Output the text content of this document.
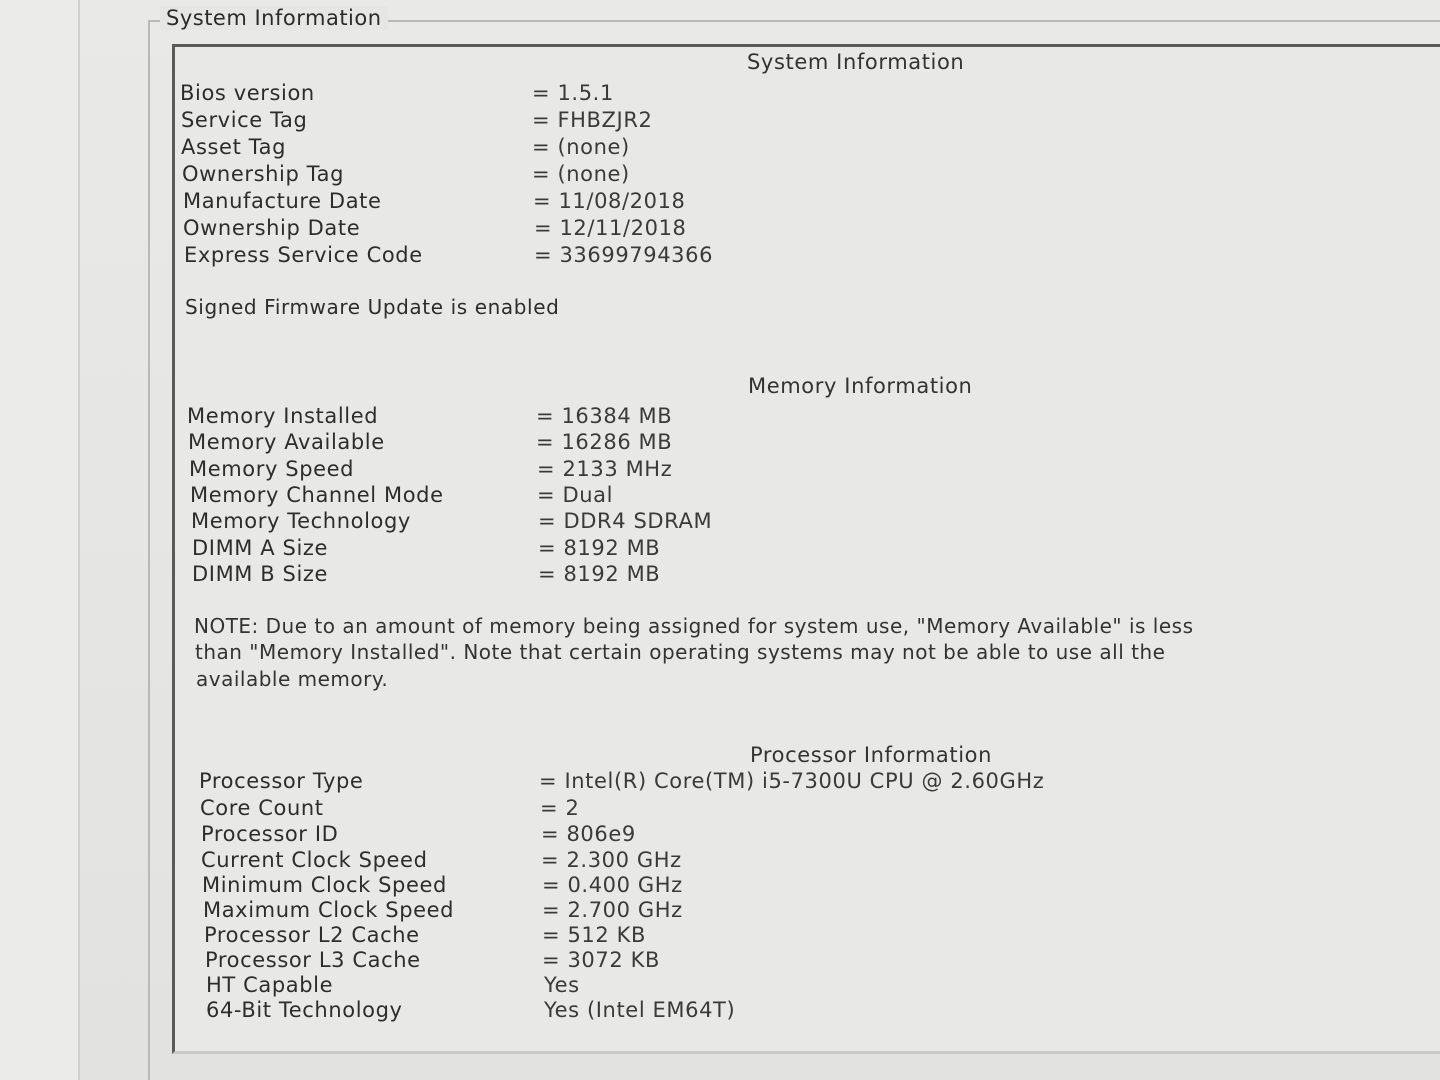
System Information
System Information
Bios version	= 1.5.1
Service Tag	= FHBZJR2
Asset Tag	= (none)
Ownership Tag	= (none)
Manufacture Date	= 11/08/2018
Ownership Date	= 12/11/2018
Express Service Code	= 33699794366
Signed Firmware Update is enabled
Memory Information
Memory Installed	= 16384 MB
Memory Available	= 16286 MB
Memory Speed	= 2133 MHz
Memory Channel Mode	= Dual
Memory Technology	= DDR4 SDRAM
DIMM A Size	= 8192 MB
DIMM B Size	= 8192 MB
NOTE: Due to an amount of memory being assigned for system use, "Memory Available" is less
than "Memory Installed". Note that certain operating systems may not be able to use all the
available memory.
Processor Information
Processor Type	= Intel(R) Core(TM) i5-7300U CPU @ 2.60GHz
Core Count	= 2
Processor ID	= 806e9
Current Clock Speed	= 2.300 GHz
Minimum Clock Speed	= 0.400 GHz
Maximum Clock Speed	= 2.700 GHz
Processor L2 Cache	= 512 KB
Processor L3 Cache	= 3072 KB
HT Capable	Yes
64-Bit Technology	Yes (Intel EM64T)
